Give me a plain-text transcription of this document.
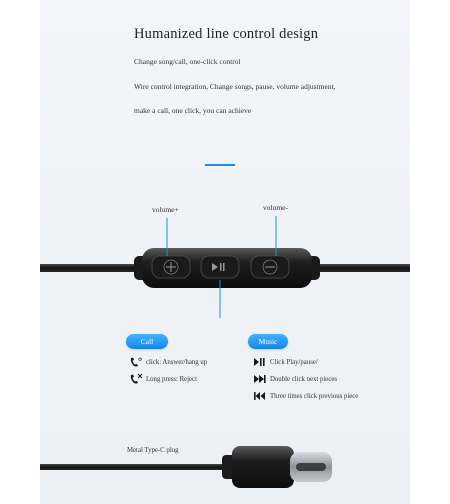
Humanized line control design
Change song/call, one-click control
Wire control integration, Change songs, pause, volume adjustment,
make a call, one click, you can achieve
volume+	volume-
Call
⚙ click: Answer/hang up
Long press: Reject
Music
Click Play/pause/
Double click next pieces
Three times click previous piece
Metal Type-C plug
